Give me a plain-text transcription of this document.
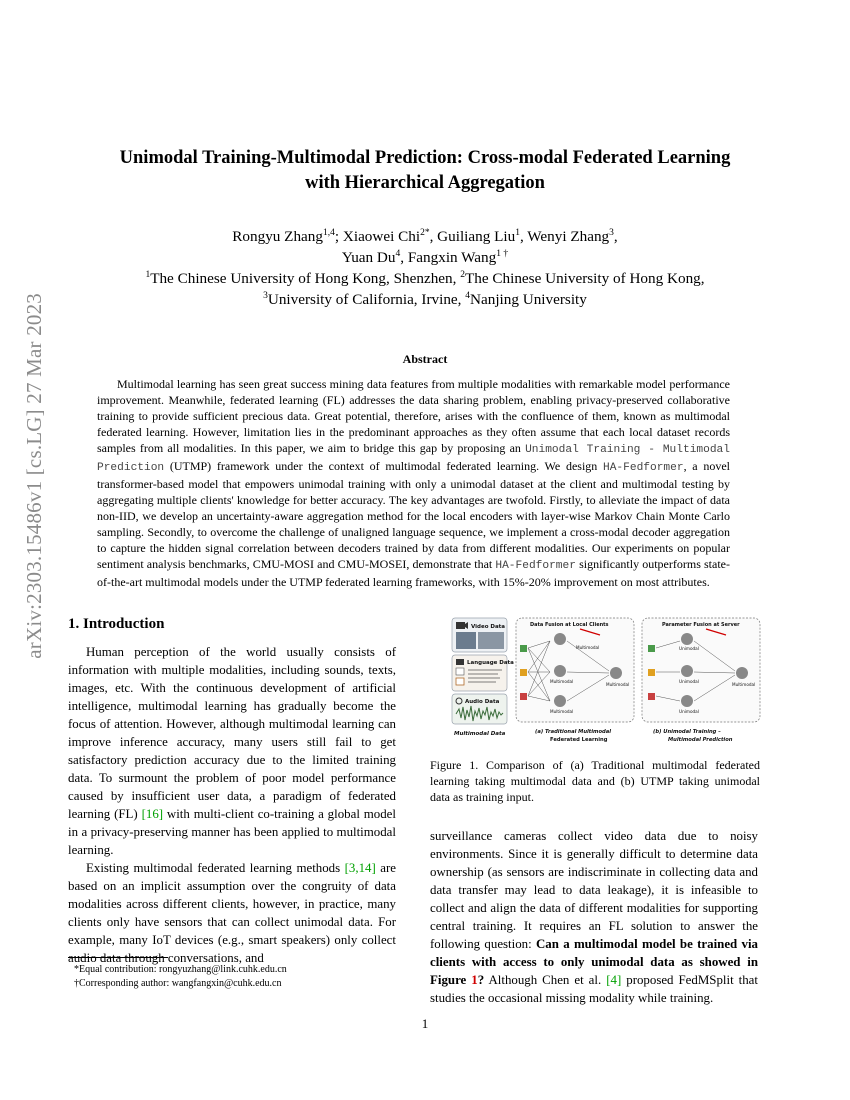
arXiv:2303.15486v1 [cs.LG] 27 Mar 2023
Unimodal Training-Multimodal Prediction: Cross-modal Federated Learning
with Hierarchical Aggregation
Rongyu Zhang$^{1,4}$; Xiaowei Chi$^{2*}$, Guiliang Liu$^1$, Wenyi Zhang$^3$,
Yuan Du$^4$, Fangxin Wang$^{1 \dagger}$
$^1$The Chinese University of Hong Kong, Shenzhen, $^2$The Chinese University of Hong Kong,
$^3$University of California, Irvine, $^4$Nanjing University
Abstract
Multimodal learning has seen great success mining data features from multiple modalities with remarkable model performance improvement. Meanwhile, federated learning (FL) addresses the data sharing problem, enabling privacy-preserved collaborative training to provide sufficient precious data. Great potential, therefore, arises with the confluence of them, known as multimodal federated learning. However, limitation lies in the predominant approaches as they often assume that each local dataset records samples from all modalities. In this paper, we aim to bridge this gap by proposing an Unimodal Training - Multimodal Prediction (UTMP) framework under the context of multimodal federated learning. We design HA-Fedformer, a novel transformer-based model that empowers unimodal training with only a unimodal dataset at the client and multimodal testing by aggregating multiple clients' knowledge for better accuracy. The key advantages are twofold. Firstly, to alleviate the impact of data non-IID, we develop an uncertainty-aware aggregation method for the local encoders with layer-wise Markov Chain Monte Carlo sampling. Secondly, to overcome the challenge of unaligned language sequence, we implement a cross-modal decoder aggregation to capture the hidden signal correlation between decoders trained by data from different modalities. Our experiments on popular sentiment analysis benchmarks, CMU-MOSI and CMU-MOSEI, demonstrate that HA-Fedformer significantly outperforms state-of-the-art multimodal models under the UTMP federated learning frameworks, with 15%-20% improvement on most attributes.
1. Introduction

Human perception of the world usually consists of information with multiple modalities, including sounds, texts, images, etc. With the continuous development of artificial intelligence, multimodal learning has gradually become the focus of attention. However, although multimodal learning can improve inference accuracy, many users still fail to get satisfactory prediction accuracy due to the limited training data. To surmount the problem of poor model performance caused by insufficient user data, a paradigm of federated learning (FL) [16] with multi-client co-training a global model in a privacy-preserving manner has been applied to multimodal learning.

Existing multimodal federated learning methods [3,14] are based on an implicit assumption over the congruity of data modalities across different clients, however, in practice, many clients only have sensors that can collect unimodal data. For example, many IoT devices (e.g., smart speakers) only collect audio data through conversations, and

*Equal contribution: rongyuzhang@link.cuhk.edu.cn
†Corresponding author: wangfangxin@cuhk.edu.cn
Video Data
Language Data
Audio Data
Multimodal Data
Data Fusion at Local Clients
Multimodal
Multimodal
Multimodal
Multimodal
(a) Traditional Multimodal
Federated Learning
Parameter Fusion at Server
Unimodal
Unimodal
Unimodal
Multimodal
(b) Unimodal Training –
Multimodal Prediction
Figure 1. Comparison of (a) Traditional multimodal federated learning taking multimodal data and (b) UTMP taking unimodal data as training input.

surveillance cameras collect video data due to noisy environments. Since it is generally difficult to determine data ownership (as sensors are indiscriminate in collecting data and data transfer may lead to data leakage), it is infeasible to collect and align the data of different modalities for supporting central training. It requires an FL solution to answer the following question: Can a multimodal model be trained via clients with access to only unimodal data as showed in Figure 1? Although Chen et al. [4] proposed FedMSplit that studies the occasional missing modality while training.

1
